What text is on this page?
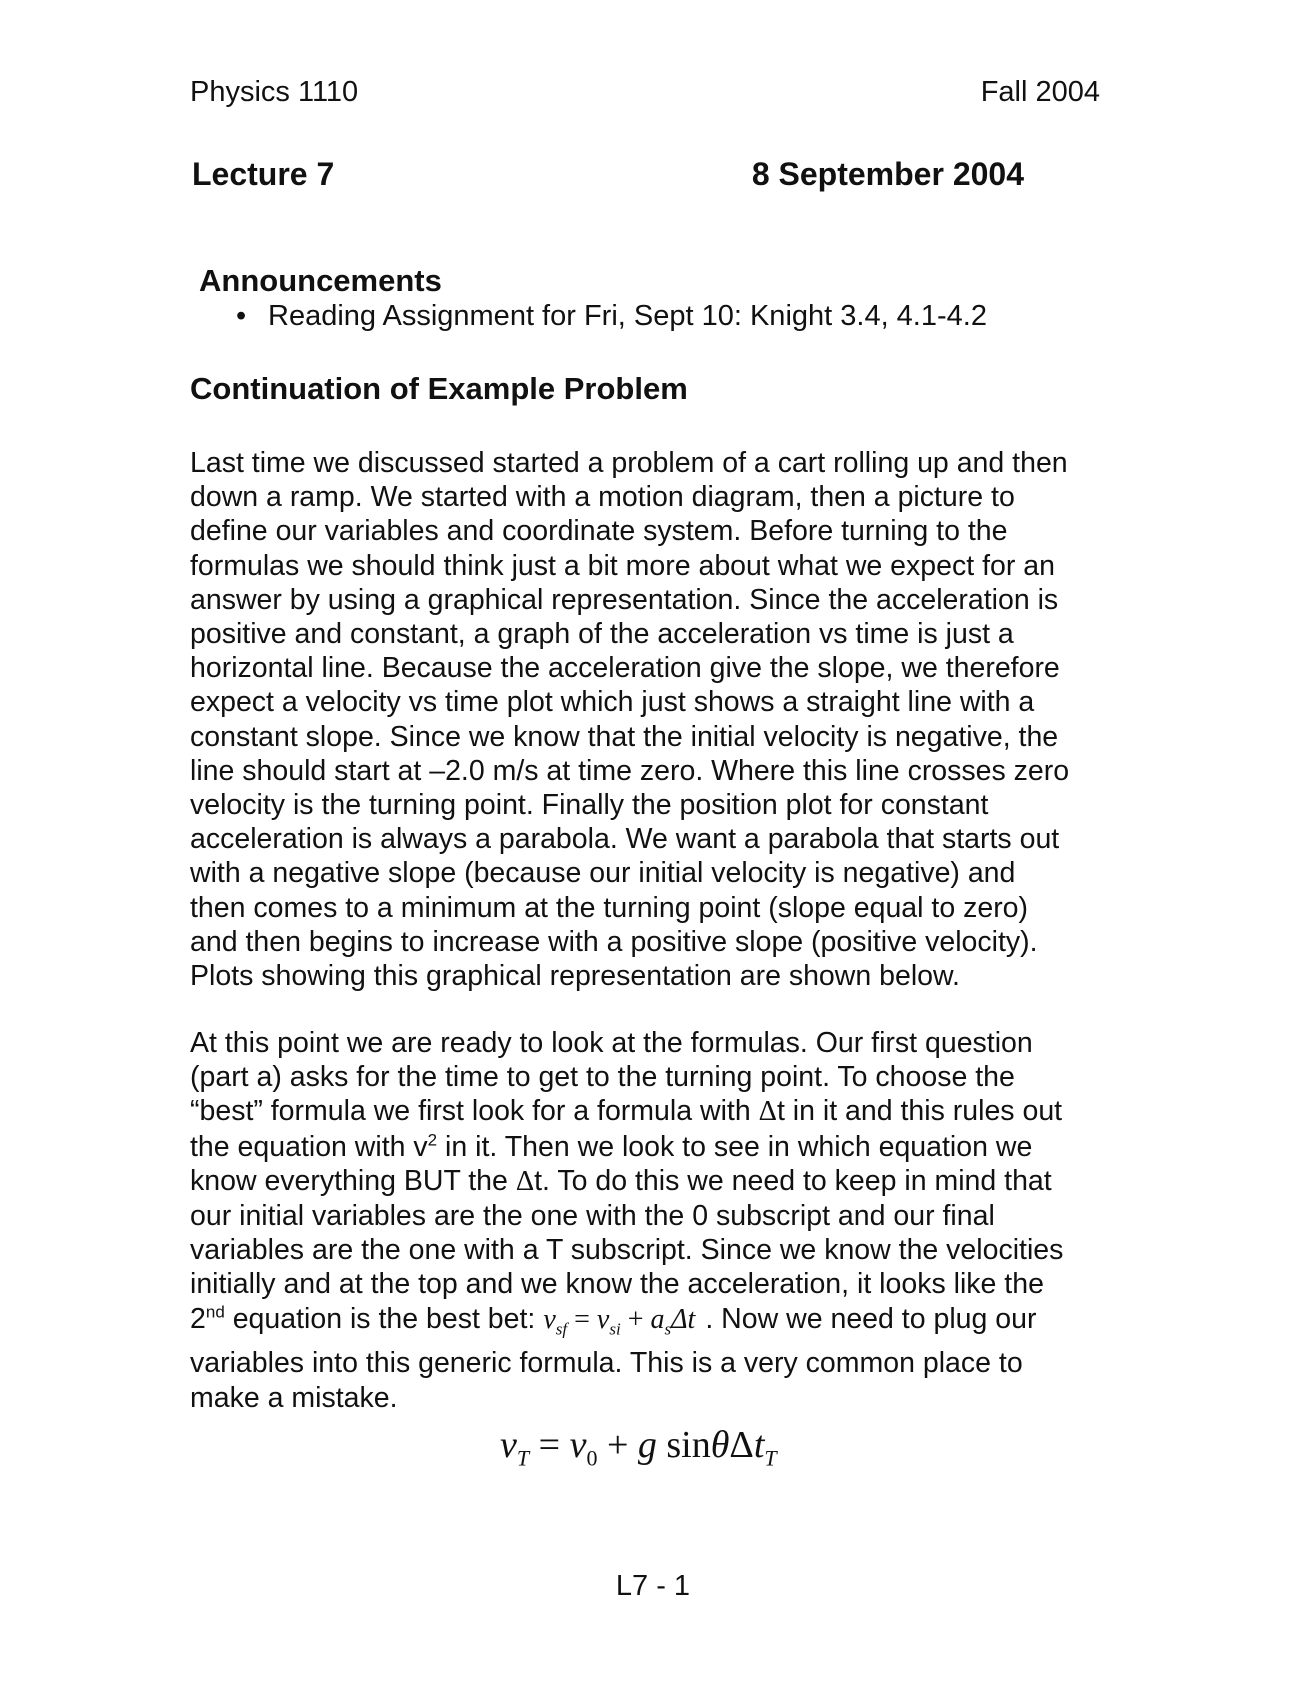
Physics 1110	Fall 2004
Lecture 7	8 September 2004
Announcements
• Reading Assignment for Fri, Sept 10: Knight 3.4, 4.1-4.2
Continuation of Example Problem

Last time we discussed started a problem of a cart rolling up and then
down a ramp. We started with a motion diagram, then a picture to
define our variables and coordinate system. Before turning to the
formulas we should think just a bit more about what we expect for an
answer by using a graphical representation. Since the acceleration is
positive and constant, a graph of the acceleration vs time is just a
horizontal line. Because the acceleration give the slope, we therefore
expect a velocity vs time plot which just shows a straight line with a
constant slope. Since we know that the initial velocity is negative, the
line should start at –2.0 m/s at time zero. Where this line crosses zero
velocity is the turning point. Finally the position plot for constant
acceleration is always a parabola. We want a parabola that starts out
with a negative slope (because our initial velocity is negative) and
then comes to a minimum at the turning point (slope equal to zero)
and then begins to increase with a positive slope (positive velocity).
Plots showing this graphical representation are shown below.

At this point we are ready to look at the formulas. Our first question
(part a) asks for the time to get to the turning point. To choose the
“best” formula we first look for a formula with Δt in it and this rules out
the equation with $v^2$ in it. Then we look to see in which equation we
know everything BUT the Δt. To do this we need to keep in mind that
our initial variables are the one with the 0 subscript and our final
variables are the one with a T subscript. Since we know the velocities
initially and at the top and we know the acceleration, it looks like the
2nd equation is the best bet: $v_{sf} = v_{si} + a_s\Delta t$ . Now we need to plug our
variables into this generic formula. This is a very common place to
make a mistake.

$v_T = v_0 + g$ sinθΔt$_T$
L7 - 1
